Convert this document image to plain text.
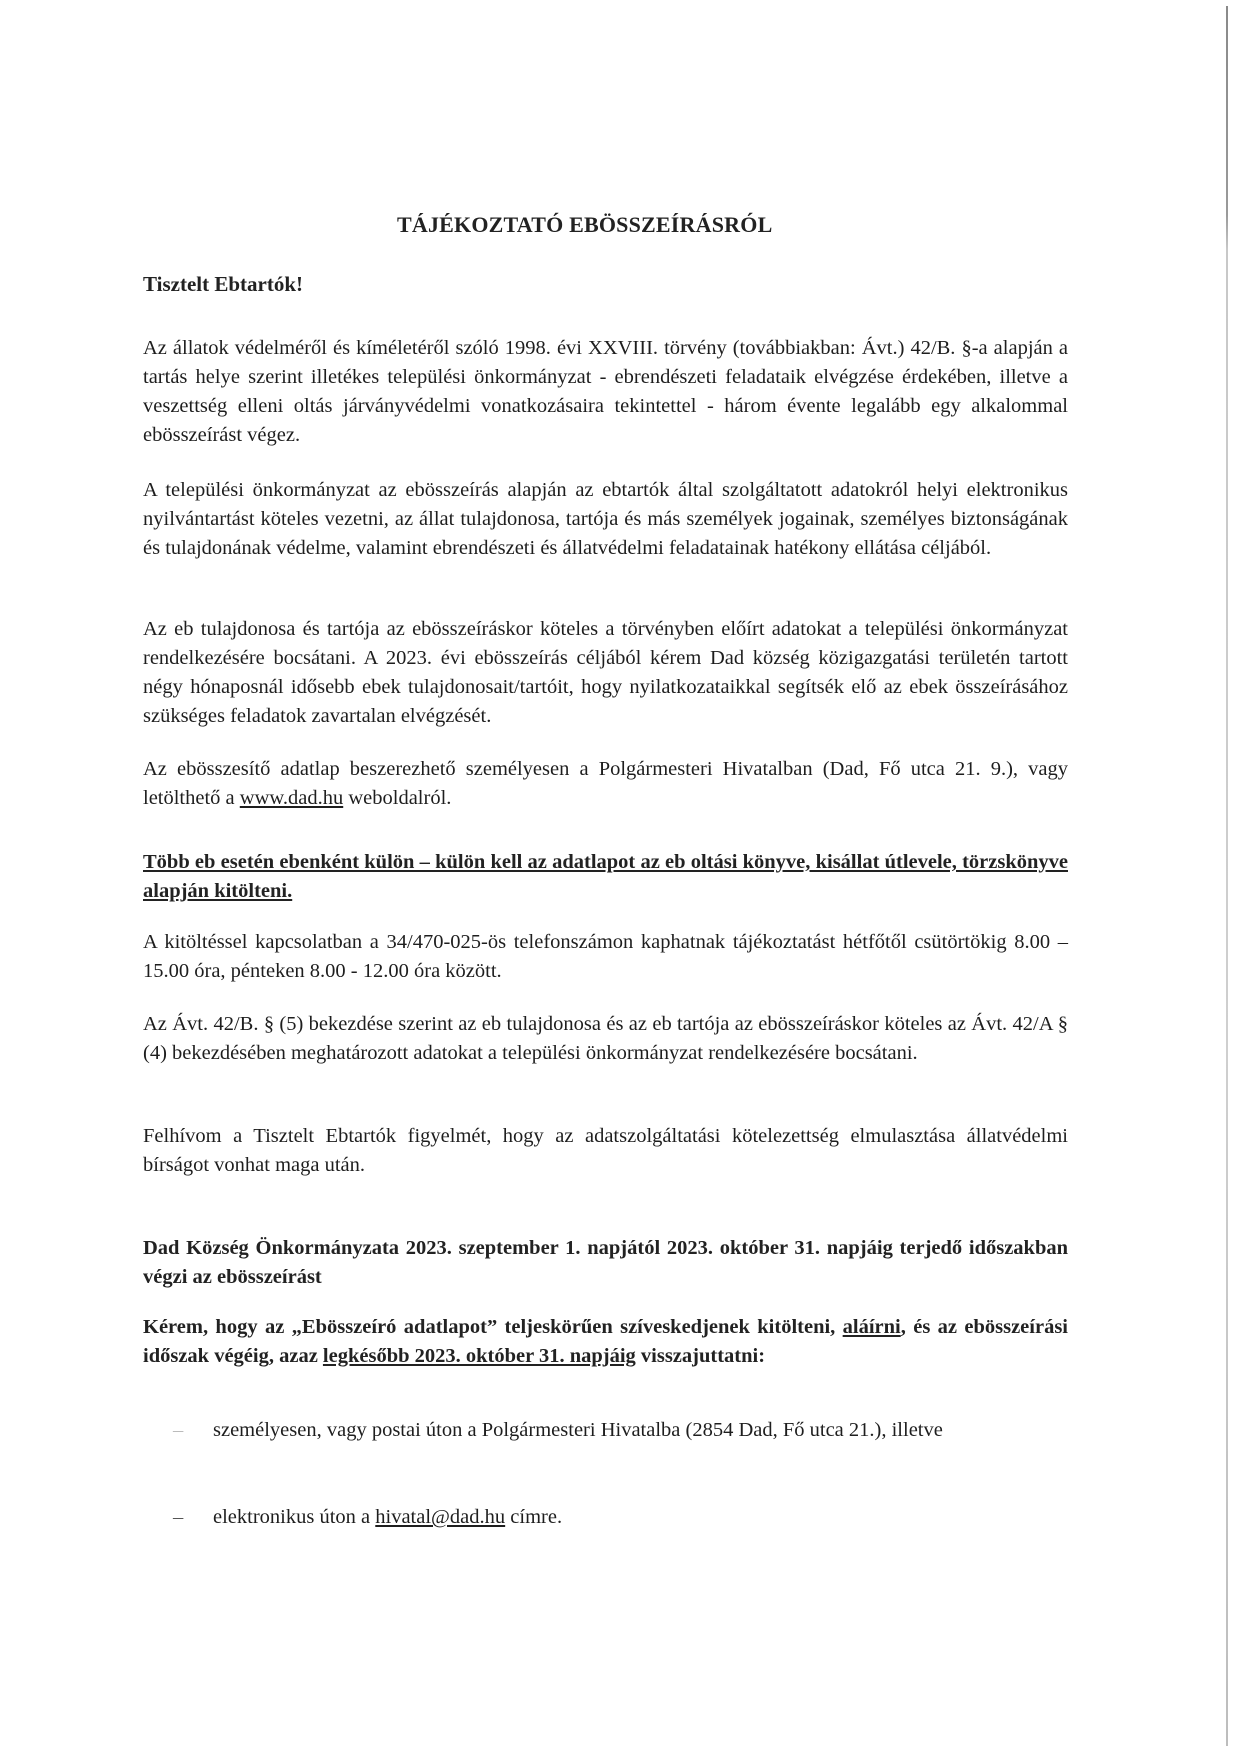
TÁJÉKOZTATÓ EBÖSSZEÍRÁSRÓL
Tisztelt Ebtartók!
Az állatok védelméről és kíméletéről szóló 1998. évi XXVIII. törvény (továbbiakban: Ávt.) 42/B. §-a alapján a tartás helye szerint illetékes települési önkormányzat - ebrendészeti feladataik elvégzése érdekében, illetve a veszettség elleni oltás járványvédelmi vonatkozásaira tekintettel - három évente legalább egy alkalommal ebösszeírást végez.
A települési önkormányzat az ebösszeírás alapján az ebtartók által szolgáltatott adatokról helyi elektronikus nyilvántartást köteles vezetni, az állat tulajdonosa, tartója és más személyek jogainak, személyes biztonságának és tulajdonának védelme, valamint ebrendészeti és állatvédelmi feladatainak hatékony ellátása céljából.
Az eb tulajdonosa és tartója az ebösszeíráskor köteles a törvényben előírt adatokat a települési önkormányzat rendelkezésére bocsátani. A 2023. évi ebösszeírás céljából kérem Dad község közigazgatási területén tartott négy hónaposnál idősebb ebek tulajdonosait/tartóit, hogy nyilatkozataikkal segítsék elő az ebek összeírásához szükséges feladatok zavartalan elvégzését.
Az ebösszesítő adatlap beszerezhető személyesen a Polgármesteri Hivatalban (Dad, Fő utca 21. 9.), vagy letölthető a www.dad.hu weboldalról.
Több eb esetén ebenként külön – külön kell az adatlapot az eb oltási könyve, kisállat útlevele, törzskönyve alapján kitölteni.
A kitöltéssel kapcsolatban a 34/470-025-ös telefonszámon kaphatnak tájékoztatást hétfőtől csütörtökig 8.00 – 15.00 óra, pénteken 8.00 - 12.00 óra között.
Az Ávt. 42/B. § (5) bekezdése szerint az eb tulajdonosa és az eb tartója az ebösszeíráskor köteles az Ávt. 42/A § (4) bekezdésében meghatározott adatokat a települési önkormányzat rendelkezésére bocsátani.
Felhívom a Tisztelt Ebtartók figyelmét, hogy az adatszolgáltatási kötelezettség elmulasztása állatvédelmi bírságot vonhat maga után.
Dad Község Önkormányzata 2023. szeptember 1. napjától 2023. október 31. napjáig terjedő időszakban végzi az ebösszeírást
Kérem, hogy az „Ebösszeíró adatlapot” teljeskörűen szíveskedjenek kitölteni, aláírni, és az ebösszeírási időszak végéig, azaz legkésőbb 2023. október 31. napjáig visszajuttatni:
– személyesen, vagy postai úton a Polgármesteri Hivatalba (2854 Dad, Fő utca 21.), illetve
– elektronikus úton a hivatal@dad.hu címre.
